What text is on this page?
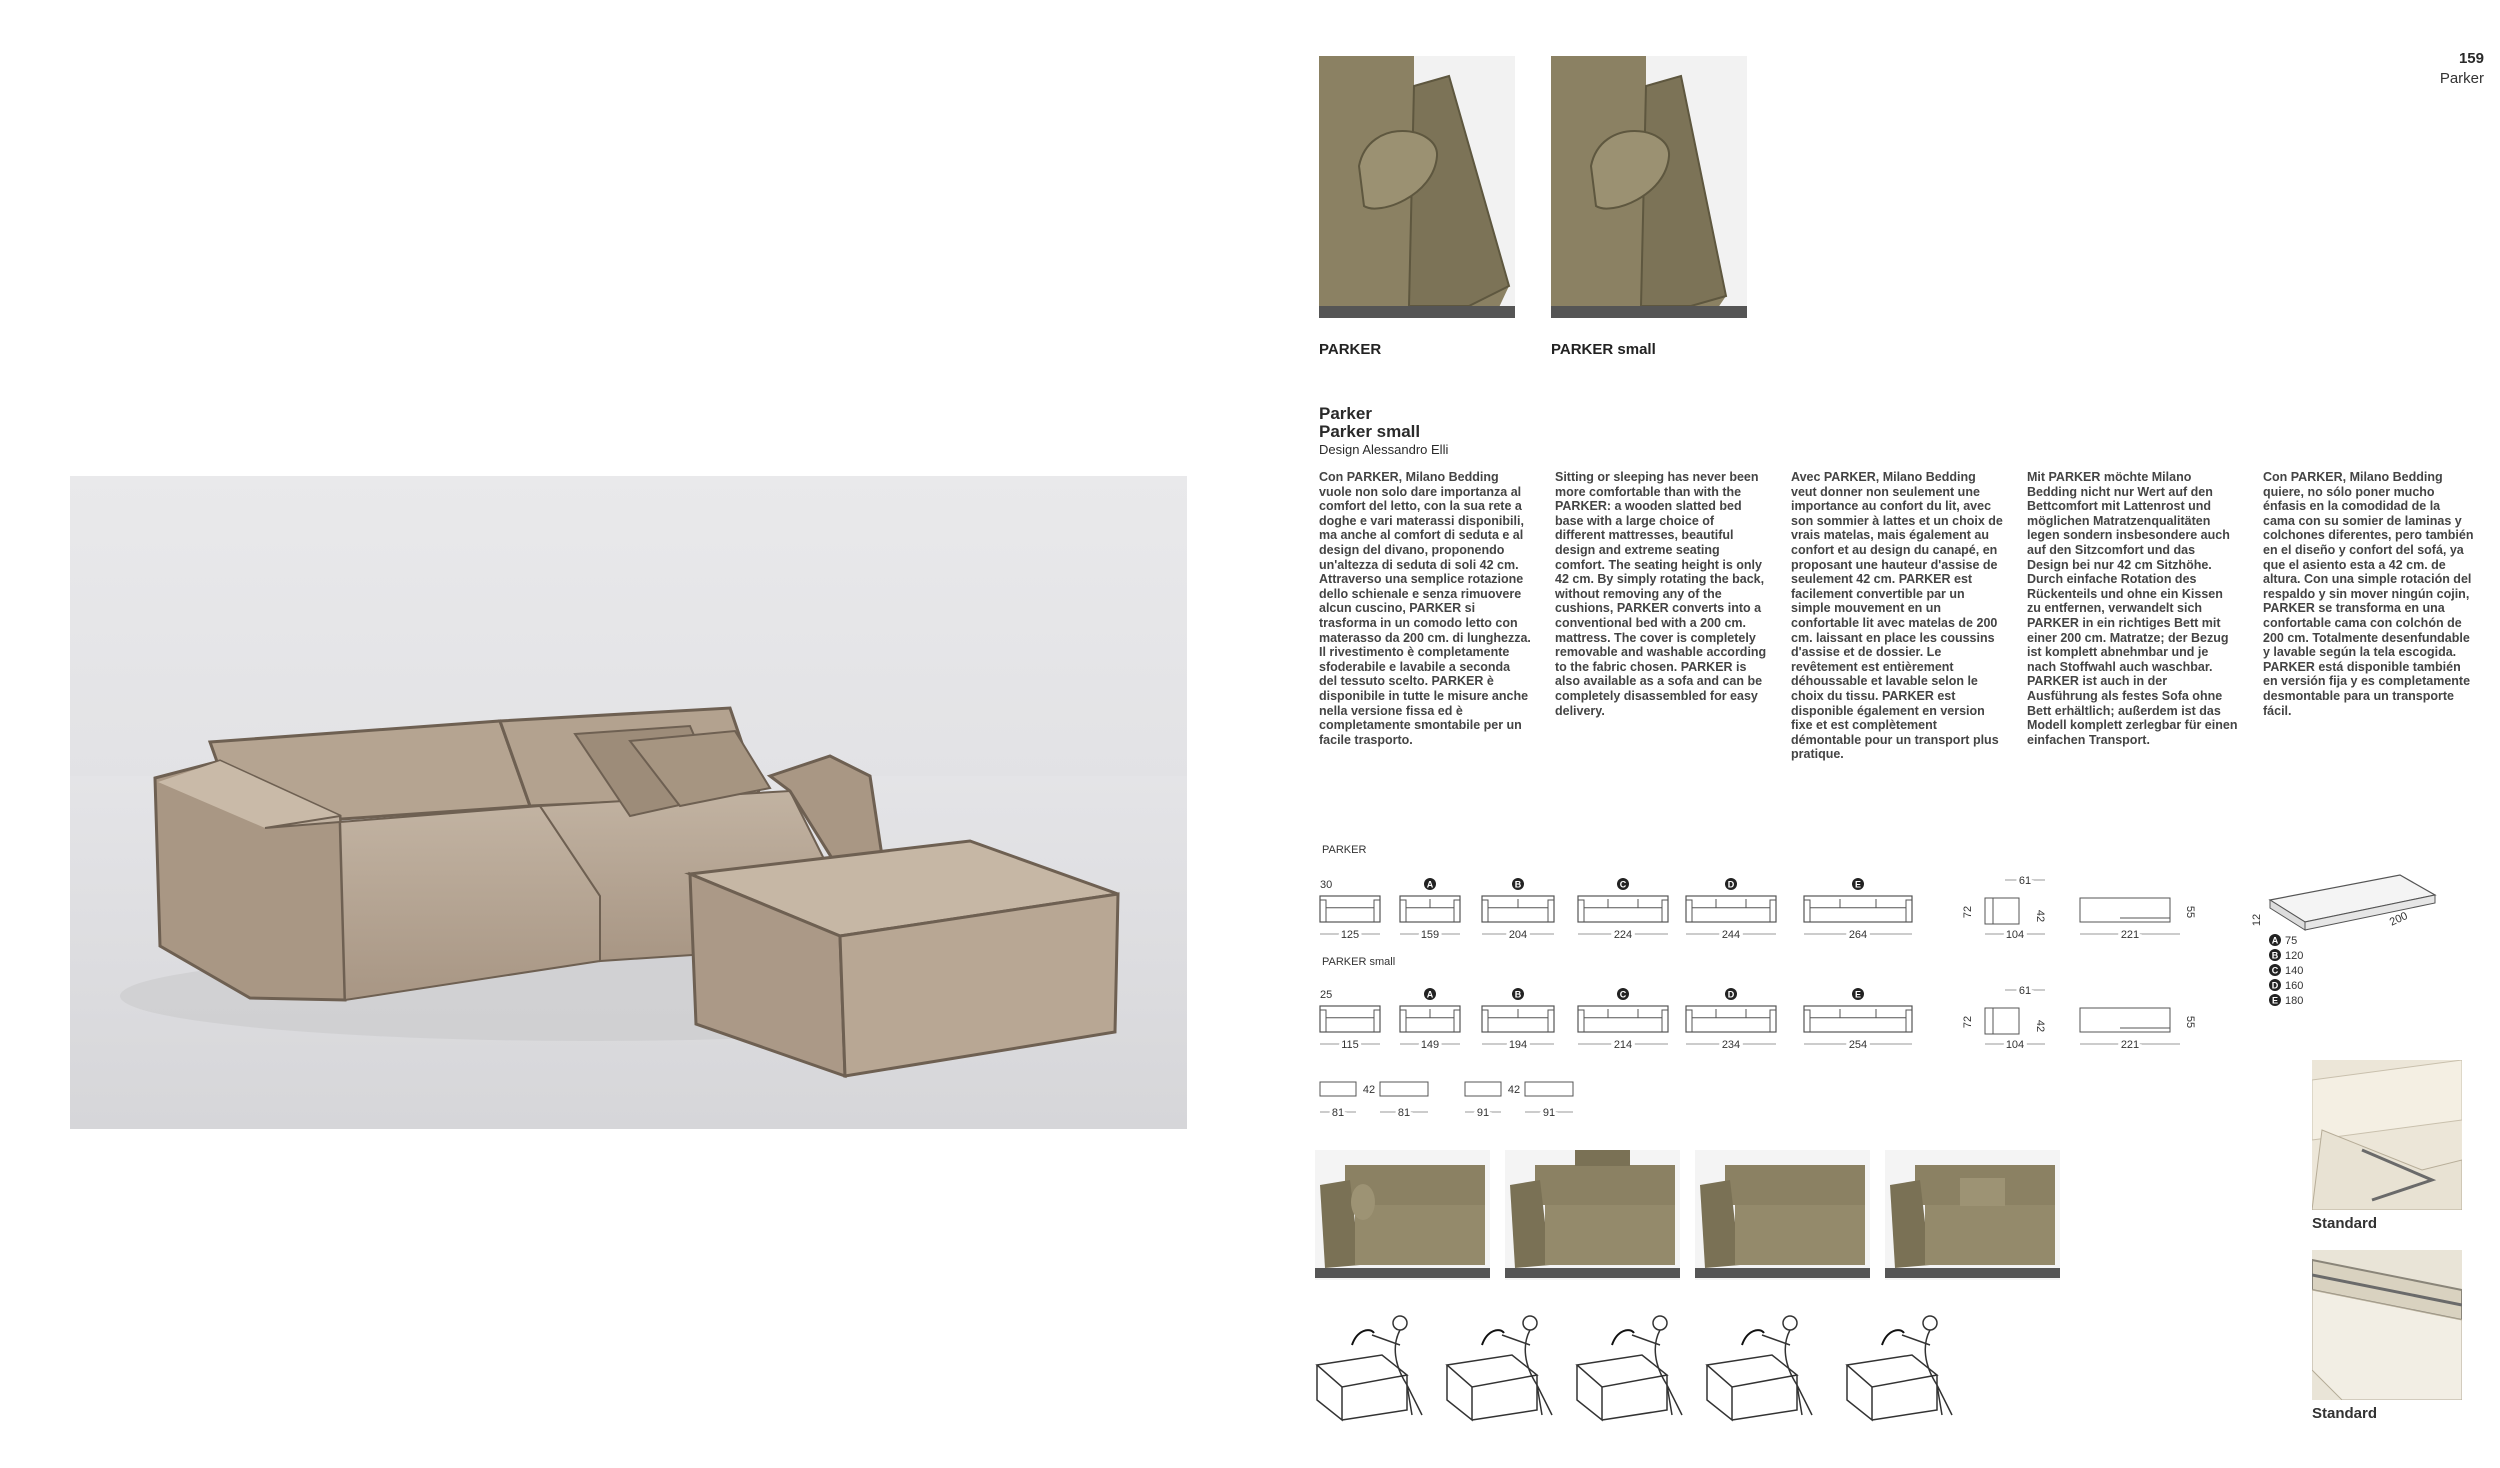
159
Parker
PARKER	PARKER small
Parker
Parker small
Design Alessandro Elli
Con PARKER, Milano Bedding vuole non solo dare importanza al comfort del letto, con la sua rete a doghe e vari materassi disponibili, ma anche al comfort di seduta e al design del divano, proponendo un'altezza di seduta di soli 42 cm. Attraverso una semplice rotazione dello schienale e senza rimuovere alcun cuscino, PARKER si trasforma in un comodo letto con materasso da 200 cm. di lunghezza. Il rivestimento è completamente sfoderabile e lavabile a seconda del tessuto scelto. PARKER è disponibile in tutte le misure anche nella versione fissa ed è completamente smontabile per un facile trasporto.
Sitting or sleeping has never been more comfortable than with the PARKER: a wooden slatted bed base with a large choice of different mattresses, beautiful design and extreme seating comfort. The seating height is only 42 cm. By simply rotating the back, without removing any of the cushions, PARKER converts into a conventional bed with a 200 cm. mattress. The cover is completely removable and washable according to the fabric chosen. PARKER is also available as a sofa and can be completely disassembled for easy delivery.
Avec PARKER, Milano Bedding veut donner non seulement une importance au confort du lit, avec son sommier à lattes et un choix de vrais matelas, mais également au confort et au design du canapé, en proposant une hauteur d'assise de seulement 42 cm. PARKER est facilement convertible par un simple mouvement en un confortable lit avec matelas de 200 cm. laissant en place les coussins d'assise et de dossier. Le revêtement est entièrement déhoussable et lavable selon le choix du tissu. PARKER est disponible également en version fixe et est complètement démontable pour un transport plus pratique.
Mit PARKER möchte Milano Bedding nicht nur Wert auf den Bettcomfort mit Lattenrost und möglichen Matratzenqualitäten legen sondern insbesondere auch auf den Sitzcomfort und das Design bei nur 42 cm Sitzhöhe. Durch einfache Rotation des Rückenteils und ohne ein Kissen zu entfernen, verwandelt sich PARKER in ein richtiges Bett mit einer 200 cm. Matratze; der Bezug ist komplett abnehmbar und je nach Stoffwahl auch waschbar. PARKER ist auch in der Ausführung als festes Sofa ohne Bett erhältlich; außerdem ist das Modell komplett zerlegbar für einen einfachen Transport.
Con PARKER, Milano Bedding quiere, no sólo poner mucho énfasis en la comodidad de la cama con su somier de laminas y colchones diferentes, pero también en el diseño y confort del sofá, ya que el asiento esta a 42 cm. de altura. Con una simple rotación del respaldo y sin mover ningún cojin, PARKER se transforma en una confortable cama con colchón de 200 cm. Totalmente desenfundable y lavable según la tela escogida. PARKER está disponible también en versión fija y es completamente desmontable para un transporte fácil.
PARKER
PARKER small
30
125
A
159
B
204
C
224
D
244
E
264
72
61
104
42	55
221
25
115
A
149
B
194
C
214
D
234
E
254
72
61
104
42	55
221
42
81	81
42
91	91
12	200
A 75
B 120
C 140
D 160
E 180
Standard
Standard
